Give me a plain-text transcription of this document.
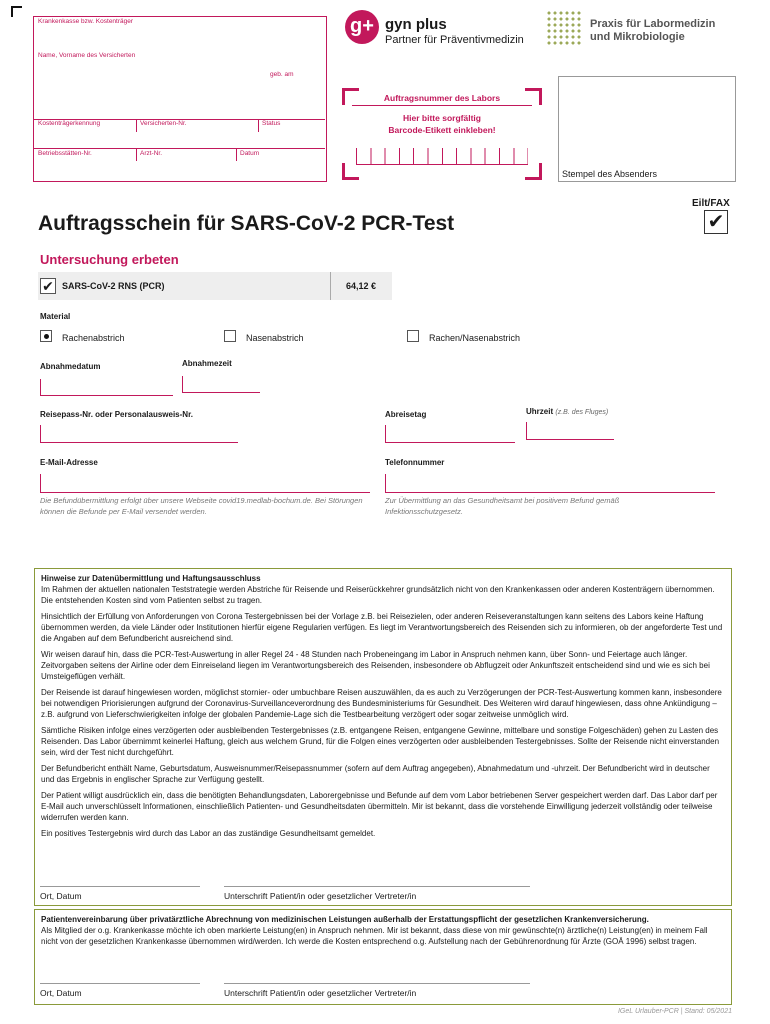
Krankenkasse bzw. Kostenträger
Name, Vorname des Versicherten
geb. am
Kostenträgerkennung	Versicherten-Nr.	Status
Betriebsstätten-Nr.	Arzt-Nr.	Datum
g+ gyn plus
Partner für Präventivmedizin
Praxis für Labormedizin
und Mikrobiologie
Auftragsnummer des Labors
Hier bitte sorgfältig
Barcode-Etikett einkleben!
Stempel des Absenders
Eilt/FAX
✔
Auftragsschein für SARS-CoV-2 PCR-Test
Untersuchung erbeten
✔ SARS-CoV-2 RNS (PCR)	64,12 €
Material
Rachenabstrich	Nasenabstrich	Rachen/Nasenabstrich
Abnahmedatum	Abnahmezeit
Reisepass-Nr. oder Personalausweis-Nr.	Abreisetag	Uhrzeit (z.B. des Fluges)
E-Mail-Adresse
Die Befundübermittlung erfolgt über unsere Webseite covid19.medlab-bochum.de. Bei Störungen können die Befunde per E-Mail versendet werden.
Telefonnummer
Zur Übermittlung an das Gesundheitsamt bei positivem Befund gemäß Infektionsschutzgesetz.
Hinweise zur Datenübermittlung und Haftungsausschluss

Im Rahmen der aktuellen nationalen Teststrategie werden Abstriche für Reisende und Reiserückkehrer grundsätzlich nicht von den Krankenkassen oder anderen Kostenträgern übernommen. Die entstehenden Kosten sind vom Patienten selbst zu tragen.

Hinsichtlich der Erfüllung von Anforderungen von Corona Testergebnissen bei der Vorlage z.B. bei Reisezielen, oder anderen Reiseveranstaltungen kann seitens des Labors keine Haftung übernommen werden, da viele Länder oder Institutionen hierfür eigene Regularien verfügen. Es liegt im Verantwortungsbereich des Reisenden sich zu informieren, ob der angeforderte Test und die Angaben auf dem Befundbericht ausreichend sind.

Wir weisen darauf hin, dass die PCR-Test-Auswertung in aller Regel 24 - 48 Stunden nach Probeneingang im Labor in Anspruch nehmen kann, über Sonn- und Feiertage auch länger. Zeitvorgaben seitens der Airline oder dem Einreiseland liegen im Verantwortungsbereich des Reisenden, insbesondere ob Abflugzeit oder Ankunftszeit entscheidend sind und wie es sich bei Umsteigeflügen verhält.

Der Reisende ist darauf hingewiesen worden, möglichst stornier- oder umbuchbare Reisen auszuwählen, da es auch zu Verzögerungen der PCR-Test-Auswertung kommen kann, insbesondere bei notwendigen Priorisierungen aufgrund der Coronavirus-Surveillanceverordnung des Bundesministeriums für Gesundheit. Des Weiteren wird darauf hingewiesen, dass ohne Ankündigung – z.B. aufgrund von Lieferschwierigkeiten infolge der globalen Pandemie-Lage sich die Testbearbeitung verzögert oder sogar zeitweise unmöglich wird.

Sämtliche Risiken infolge eines verzögerten oder ausbleibenden Testergebnisses (z.B. entgangene Reisen, entgangene Gewinne, mittelbare und sonstige Folgeschäden) gehen zu Lasten des Reisenden. Das Labor übernimmt keinerlei Haftung, gleich aus welchem Grund, für die Folgen eines verzögerten oder ausbleibenden Testergebnisses. Sollte der Reisende nicht einverstanden sein, wird der Test nicht durchgeführt.

Der Befundbericht enthält Name, Geburtsdatum, Ausweisnummer/Reisepassnummer (sofern auf dem Auftrag angegeben), Abnahmedatum und -uhrzeit. Der Befundbericht wird in deutscher und das Ergebnis in englischer Sprache zur Verfügung gestellt.

Der Patient willigt ausdrücklich ein, dass die benötigten Behandlungsdaten, Laborergebnisse und Befunde auf dem vom Labor betriebenen Server gespeichert werden darf. Das Labor darf per E-Mail auch unverschlüsselt Informationen, einschließlich Patienten- und Gesundheitsdaten übermitteln. Mir ist bekannt, dass die vorstehende Einwilligung jederzeit vollständig oder teilweise widerrufen werden kann.

Ein positives Testergebnis wird durch das Labor an das zuständige Gesundheitsamt gemeldet.

Ort, Datum	Unterschrift Patient/in oder gesetzlicher Vertreter/in
Patientenvereinbarung über privatärztliche Abrechnung von medizinischen Leistungen außerhalb der Erstattungspflicht der gesetzlichen Krankenversicherung.
Als Mitglied der o.g. Krankenkasse möchte ich oben markierte Leistung(en) in Anspruch nehmen. Mir ist bekannt, dass diese von mir gewünschte(n) ärztliche(n) Leistung(en) in meinem Fall nicht von der gesetzlichen Krankenkasse übernommen wird/werden. Ich werde die Kosten entsprechend o.g. Aufstellung nach der Gebührenordnung für Ärzte (GOÄ 1996) selbst tragen.
Ort, Datum	Unterschrift Patient/in oder gesetzlicher Vertreter/in
IGeL Urlauber-PCR | Stand: 05/2021
